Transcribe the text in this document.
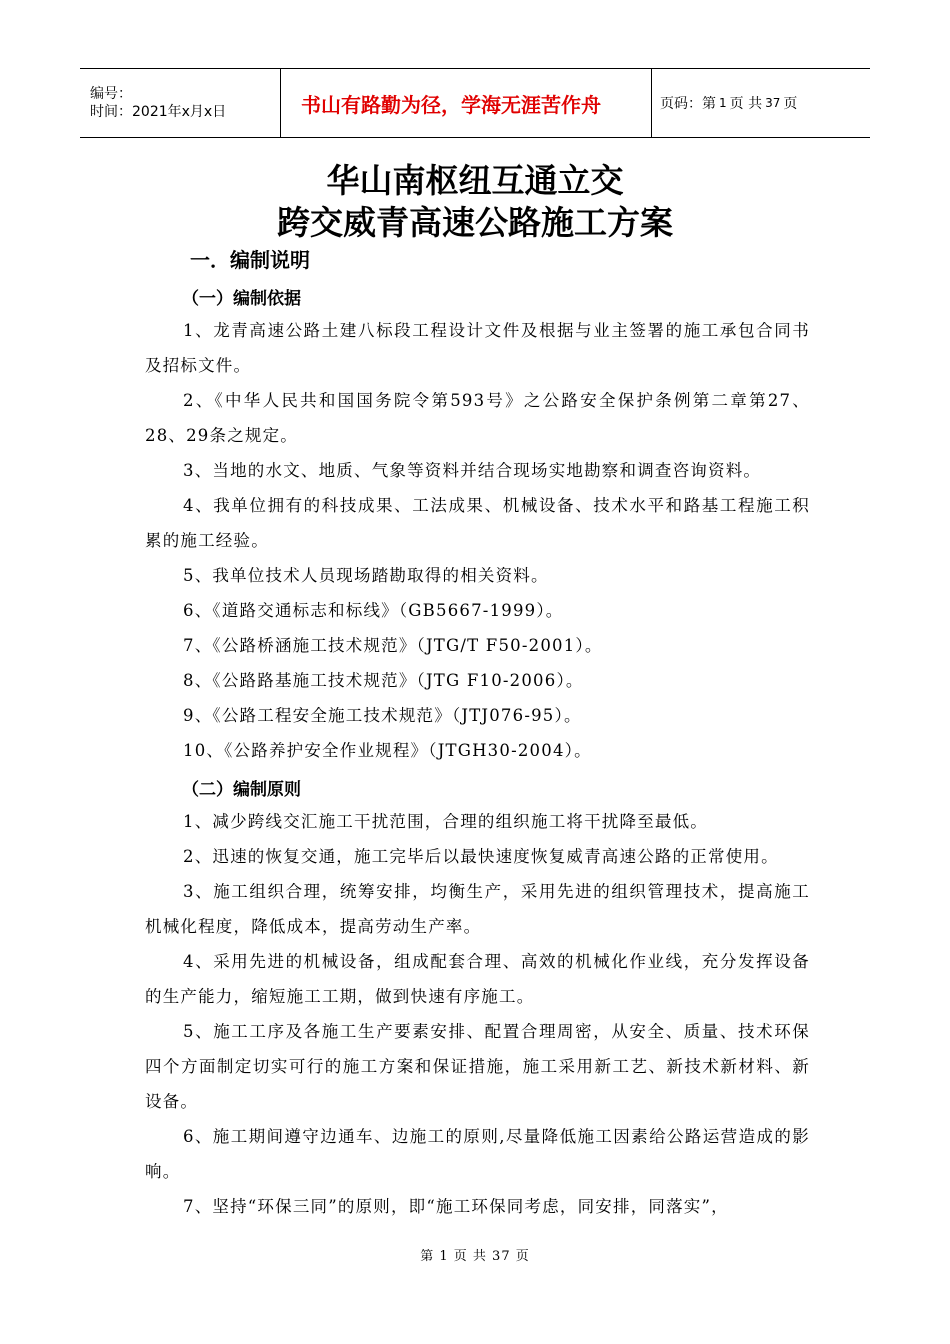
编号：
时间：2021年x月x日	书山有路勤为径，学海无涯苦作舟	页码：第 1 页 共 37 页
华山南枢纽互通立交
跨交威青高速公路施工方案
一．编制说明
（一）编制依据
1、龙青高速公路土建八标段工程设计文件及根据与业主签署的施工承包合同书及招标文件。
2、《中华人民共和国国务院令第593号》之公路安全保护条例第二章第27、28、29条之规定。
3、当地的水文、地质、气象等资料并结合现场实地勘察和调查咨询资料。
4、我单位拥有的科技成果、工法成果、机械设备、技术水平和路基工程施工积累的施工经验。
5、我单位技术人员现场踏勘取得的相关资料。
6、《道路交通标志和标线》（GB5667-1999）。
7、《公路桥涵施工技术规范》（JTG/T F50-2001）。
8、《公路路基施工技术规范》（JTG F10-2006）。
9、《公路工程安全施工技术规范》（JTJ076-95）。
10、《公路养护安全作业规程》（JTGH30-2004）。
（二）编制原则
1、减少跨线交汇施工干扰范围，合理的组织施工将干扰降至最低。
2、迅速的恢复交通，施工完毕后以最快速度恢复威青高速公路的正常使用。
3、施工组织合理，统筹安排，均衡生产，采用先进的组织管理技术，提高施工机械化程度，降低成本，提高劳动生产率。
4、采用先进的机械设备，组成配套合理、高效的机械化作业线，充分发挥设备的生产能力，缩短施工工期，做到快速有序施工。
5、施工工序及各施工生产要素安排、配置合理周密，从安全、质量、技术环保四个方面制定切实可行的施工方案和保证措施，施工采用新工艺、新技术新材料、新设备。
6、施工期间遵守边通车、边施工的原则,尽量降低施工因素给公路运营造成的影响。
7、坚持“环保三同”的原则，即“施工环保同考虑，同安排，同落实”，
第 1 页 共 37 页
